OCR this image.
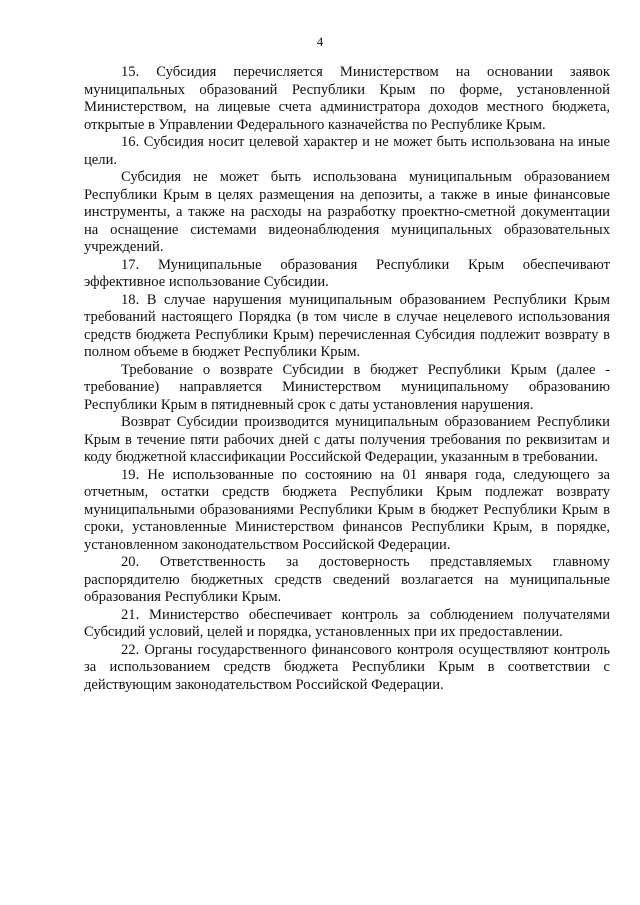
4

15. Субсидия перечисляется Министерством на основании заявок муниципальных образований Республики Крым по форме, установленной Министерством, на лицевые счета администратора доходов местного бюджета, открытые в Управлении Федерального казначейства по Республике Крым.

16. Субсидия носит целевой характер и не может быть использована на иные цели.

Субсидия не может быть использована муниципальным образованием Республики Крым в целях размещения на депозиты, а также в иные финансовые инструменты, а также на расходы на разработку проектно-сметной документации на оснащение системами видеонаблюдения муниципальных образовательных учреждений.

17. Муниципальные образования Республики Крым обеспечивают эффективное использование Субсидии.

18. В случае нарушения муниципальным образованием Республики Крым требований настоящего Порядка (в том числе в случае нецелевого использования средств бюджета Республики Крым) перечисленная Субсидия подлежит возврату в полном объеме в бюджет Республики Крым.

Требование о возврате Субсидии в бюджет Республики Крым (далее - требование) направляется Министерством муниципальному образованию Республики Крым в пятидневный срок с даты установления нарушения.

Возврат Субсидии производится муниципальным образованием Республики Крым в течение пяти рабочих дней с даты получения требования по реквизитам и коду бюджетной классификации Российской Федерации, указанным в требовании.

19. Не использованные по состоянию на 01 января года, следующего за отчетным, остатки средств бюджета Республики Крым подлежат возврату муниципальными образованиями Республики Крым в бюджет Республики Крым в сроки, установленные Министерством финансов Республики Крым, в порядке, установленном законодательством Российской Федерации.

20. Ответственность за достоверность представляемых главному распорядителю бюджетных средств сведений возлагается на муниципальные образования Республики Крым.

21. Министерство обеспечивает контроль за соблюдением получателями Субсидий условий, целей и порядка, установленных при их предоставлении.

22. Органы государственного финансового контроля осуществляют контроль за использованием средств бюджета Республики Крым в соответствии с действующим законодательством Российской Федерации.
